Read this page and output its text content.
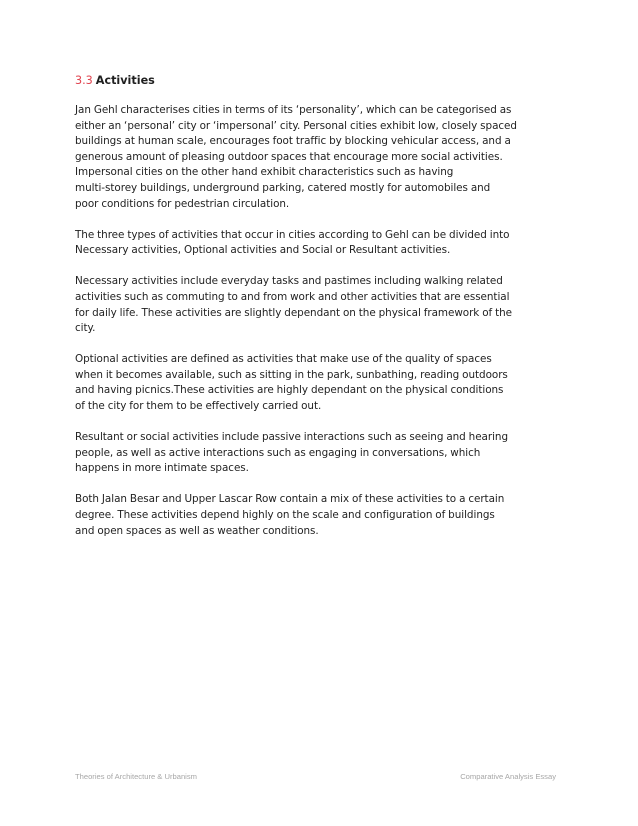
3.3 Activities

Jan Gehl characterises cities in terms of its ‘personality’, which can be categorised as
either an ‘personal’ city or ‘impersonal’ city. Personal cities exhibit low, closely spaced
buildings at human scale, encourages foot traffic by blocking vehicular access, and a
generous amount of pleasing outdoor spaces that encourage more social activities.
Impersonal cities on the other hand exhibit characteristics such as having
multi-storey buildings, underground parking, catered mostly for automobiles and
poor conditions for pedestrian circulation.

The three types of activities that occur in cities according to Gehl can be divided into
Necessary activities, Optional activities and Social or Resultant activities.

Necessary activities include everyday tasks and pastimes including walking related
activities such as commuting to and from work and other activities that are essential
for daily life. These activities are slightly dependant on the physical framework of the
city.

Optional activities are defined as activities that make use of the quality of spaces
when it becomes available, such as sitting in the park, sunbathing, reading outdoors
and having picnics.These activities are highly dependant on the physical conditions
of the city for them to be effectively carried out.

Resultant or social activities include passive interactions such as seeing and hearing
people, as well as active interactions such as engaging in conversations, which
happens in more intimate spaces.

Both Jalan Besar and Upper Lascar Row contain a mix of these activities to a certain
degree. These activities depend highly on the scale and configuration of buildings
and open spaces as well as weather conditions.

Theories of Architecture & Urbanism	Comparative Analysis Essay
